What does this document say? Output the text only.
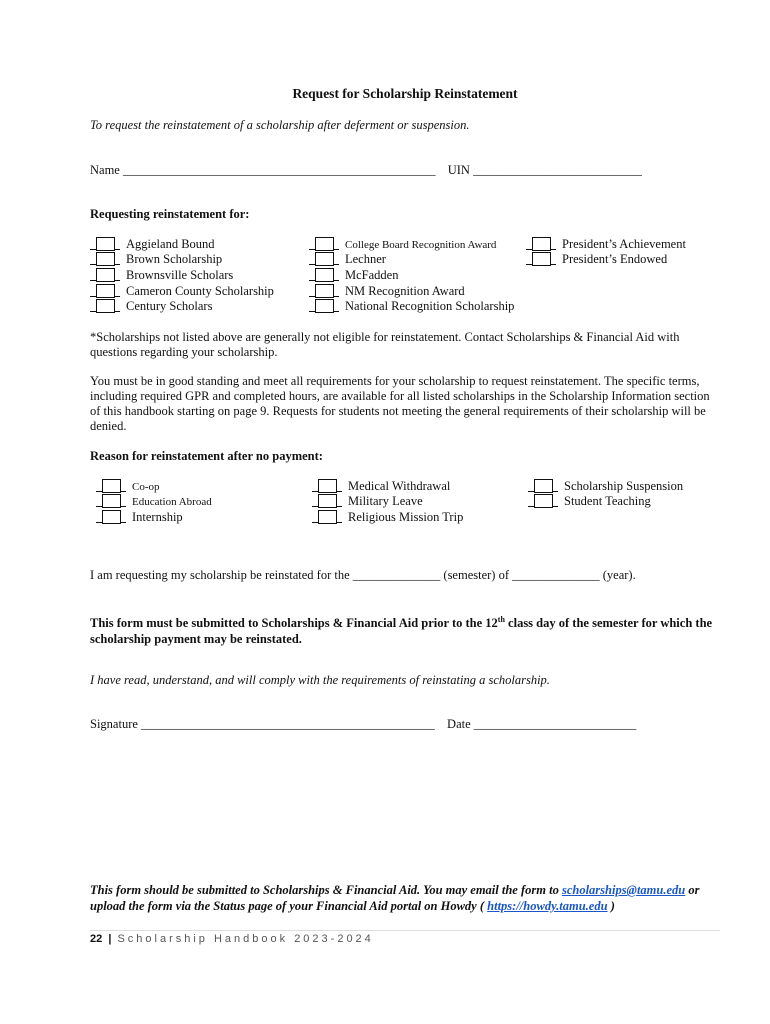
Request for Scholarship Reinstatement
To request the reinstatement of a scholarship after deferment or suspension.
Name __________________________________________________ UIN ___________________________
Requesting reinstatement for:
Aggieland Bound
Brown Scholarship
Brownsville Scholars
Cameron County Scholarship
Century Scholars
College Board Recognition Award
Lechner
McFadden
NM Recognition Award
National Recognition Scholarship
President’s Achievement
President’s Endowed
*Scholarships not listed above are generally not eligible for reinstatement. Contact Scholarships & Financial Aid with questions regarding your scholarship.
You must be in good standing and meet all requirements for your scholarship to request reinstatement. The specific terms, including required GPR and completed hours, are available for all listed scholarships in the Scholarship Information section of this handbook starting on page 9. Requests for students not meeting the general requirements of their scholarship will be denied.
Reason for reinstatement after no payment:
Co-op
Education Abroad
Internship
Medical Withdrawal
Military Leave
Religious Mission Trip
Scholarship Suspension
Student Teaching
I am requesting my scholarship be reinstated for the ______________ (semester) of ______________ (year).
This form must be submitted to Scholarships & Financial Aid prior to the 12th class day of the semester for which the scholarship payment may be reinstated.
I have read, understand, and will comply with the requirements of reinstating a scholarship.
Signature _______________________________________________ Date __________________________
This form should be submitted to Scholarships & Financial Aid. You may email the form to scholarships@tamu.edu or upload the form via the Status page of your Financial Aid portal on Howdy ( https://howdy.tamu.edu )
22 | Scholarship Handbook 2023-2024
